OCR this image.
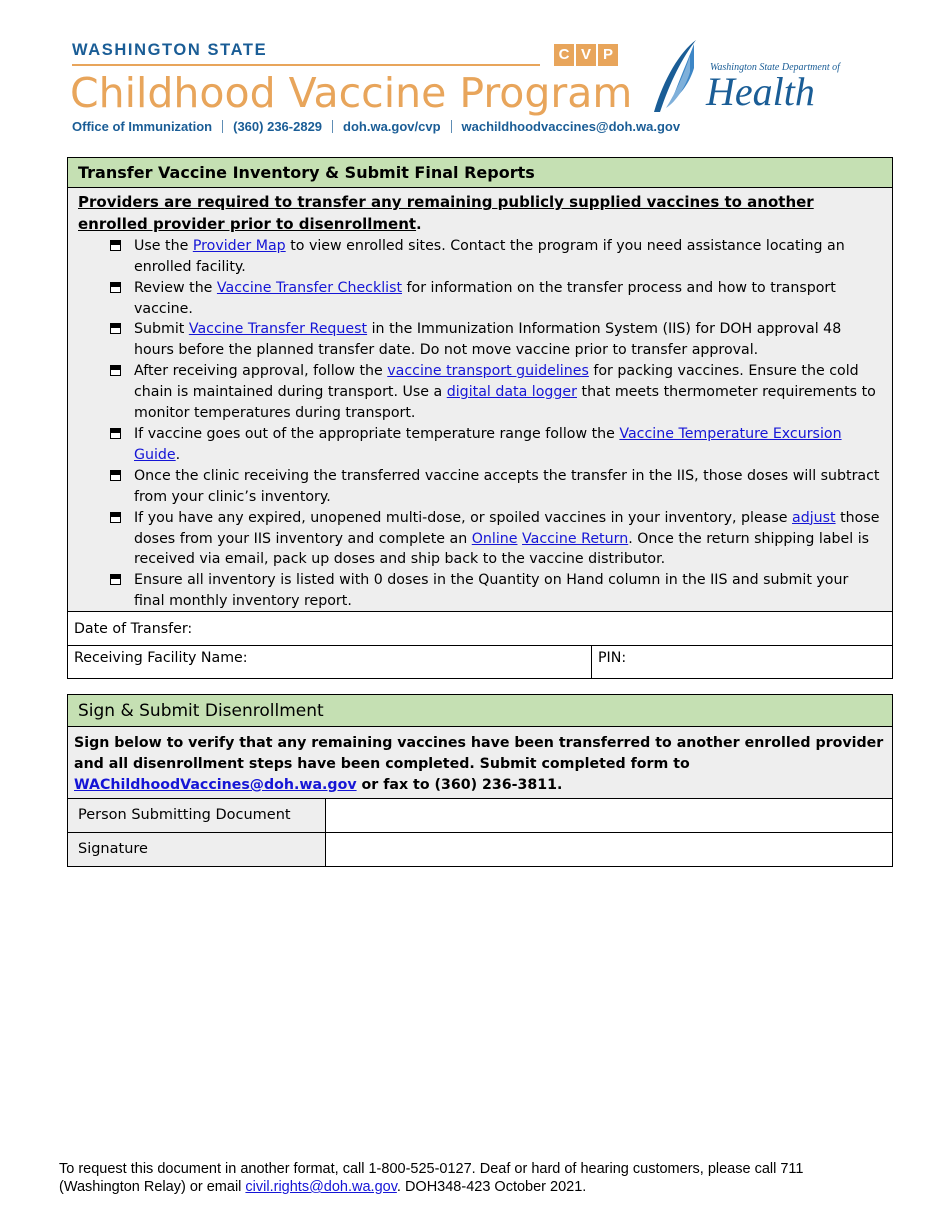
WASHINGTON STATE	C V P
Childhood Vaccine Program
Office of Immunization (360) 236-2829 doh.wa.gov/cvp wachildhoodvaccines@doh.wa.gov
Washington State Department of
Health
Transfer Vaccine Inventory & Submit Final Reports
Providers are required to transfer any remaining publicly supplied vaccines to another enrolled provider prior to disenrollment.
Use the Provider Map to view enrolled sites. Contact the program if you need assistance locating an enrolled facility.
Review the Vaccine Transfer Checklist for information on the transfer process and how to transport vaccine.
Submit Vaccine Transfer Request in the Immunization Information System (IIS) for DOH approval 48 hours before the planned transfer date. Do not move vaccine prior to transfer approval.
After receiving approval, follow the vaccine transport guidelines for packing vaccines. Ensure the cold chain is maintained during transport. Use a digital data logger that meets thermometer requirements to monitor temperatures during transport.
If vaccine goes out of the appropriate temperature range follow the Vaccine Temperature Excursion Guide.
Once the clinic receiving the transferred vaccine accepts the transfer in the IIS, those doses will subtract from your clinic’s inventory.
If you have any expired, unopened multi-dose, or spoiled vaccines in your inventory, please adjust those doses from your IIS inventory and complete an Online Vaccine Return. Once the return shipping label is received via email, pack up doses and ship back to the vaccine distributor.
Ensure all inventory is listed with 0 doses in the Quantity on Hand column in the IIS and submit your final monthly inventory report.
Date of Transfer:
Receiving Facility Name:	PIN:
Sign & Submit Disenrollment
Sign below to verify that any remaining vaccines have been transferred to another enrolled provider and all disenrollment steps have been completed. Submit completed form to WAChildhoodVaccines@doh.wa.gov or fax to (360) 236-3811.
Person Submitting Document
Signature
To request this document in another format, call 1-800-525-0127. Deaf or hard of hearing customers, please call 711 (Washington Relay) or email civil.rights@doh.wa.gov. DOH348-423 October 2021.
